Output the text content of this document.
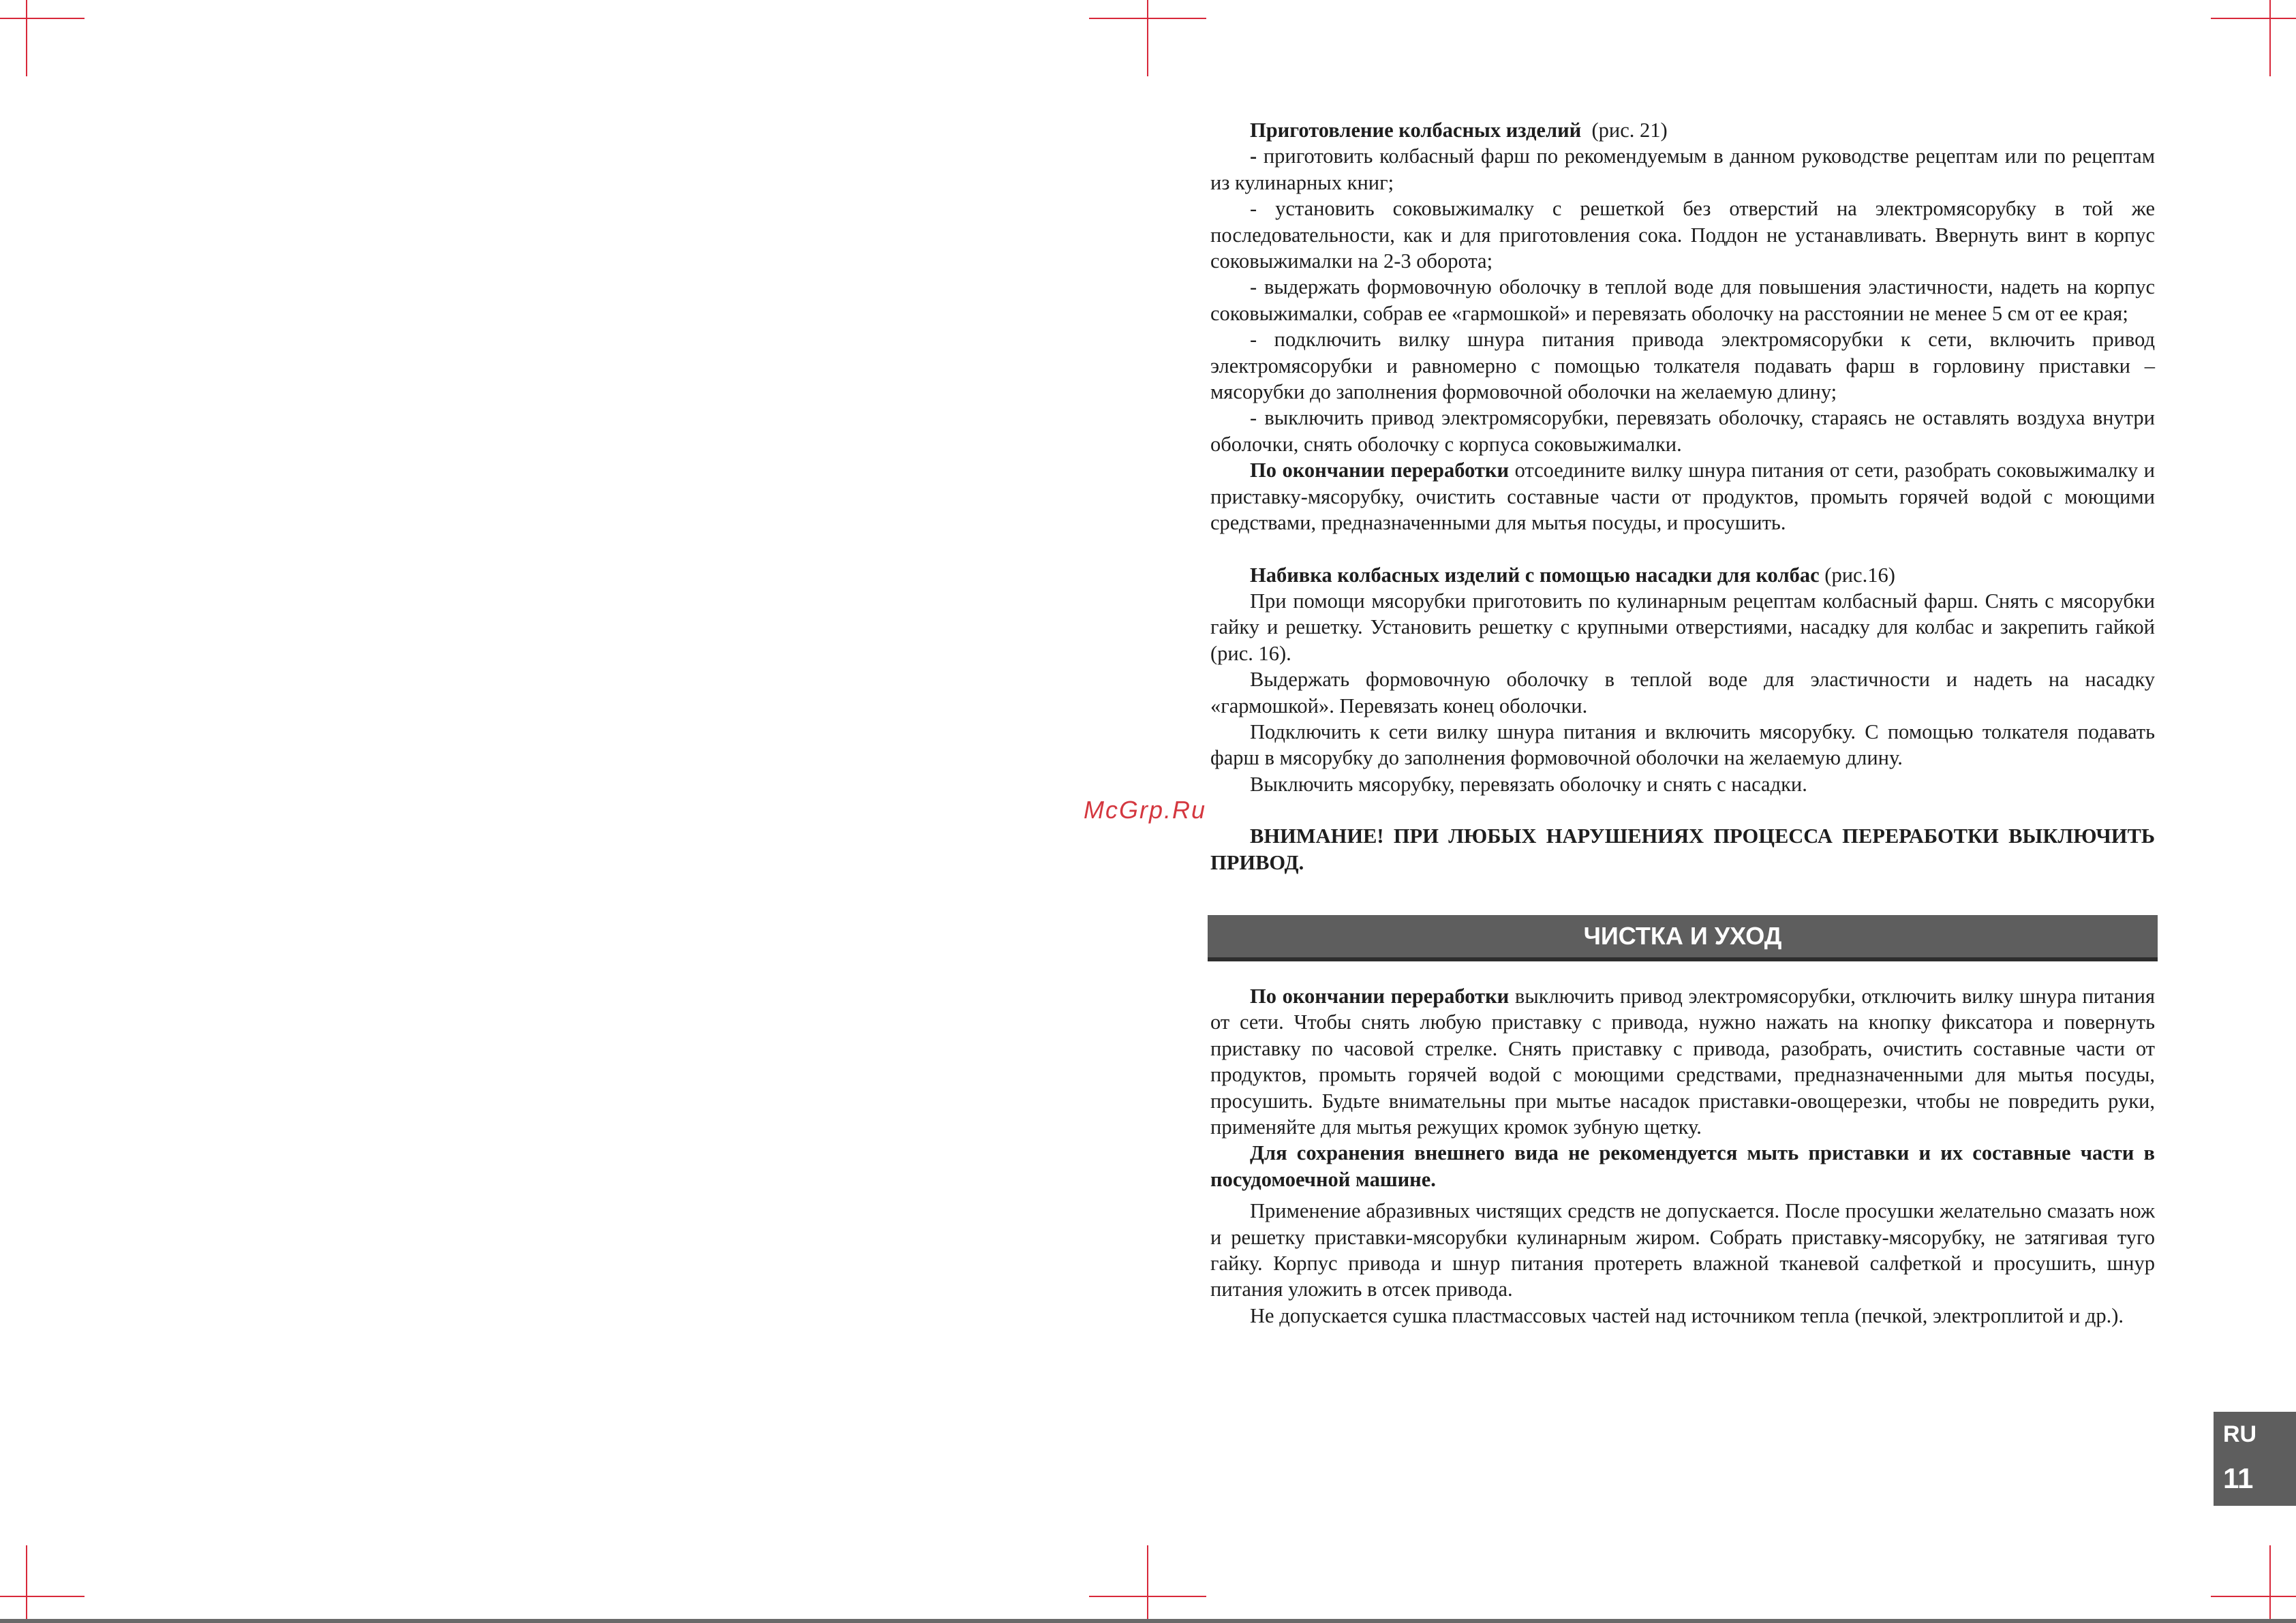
McGrp.Ru

Приготовление колбасных изделий (рис. 21)

- приготовить колбасный фарш по рекомендуемым в данном руководстве рецептам или по рецептам из кулинарных книг;

- установить соковыжималку с решеткой без отверстий на электромясорубку в той же последовательности, как и для приготовления сока. Поддон не устанавливать. Ввернуть винт в корпус соковыжималки на 2-3 оборота;

- выдержать формовочную оболочку в теплой воде для повышения эластичности, надеть на корпус соковыжималки, собрав ее «гармошкой» и перевязать оболочку на расстоянии не менее 5 см от ее края;

- подключить вилку шнура питания привода электромясорубки к сети, включить привод электромясорубки и равномерно с помощью толкателя подавать фарш в горловину приставки – мясорубки до заполнения формовочной оболочки на желаемую длину;

- выключить привод электромясорубки, перевязать оболочку, стараясь не оставлять воздуха внутри оболочки, снять оболочку с корпуса соковыжималки.

По окончании переработки отсоедините вилку шнура питания от сети, разобрать соковыжималку и приставку-мясорубку, очистить составные части от продуктов, промыть горячей водой с моющими средствами, предназначенными для мытья посуды, и просушить.

Набивка колбасных изделий с помощью насадки для колбас (рис.16)

При помощи мясорубки приготовить по кулинарным рецептам колбасный фарш. Снять с мясорубки гайку и решетку. Установить решетку с крупными отверстиями, насадку для колбас и закрепить гайкой (рис. 16).

Выдержать формовочную оболочку в теплой воде для эластичности и надеть на насадку «гармошкой». Перевязать конец оболочки.

Подключить к сети вилку шнура питания и включить мясорубку. С помощью толкателя подавать фарш в мясорубку до заполнения формовочной оболочки на желаемую длину.

Выключить мясорубку, перевязать оболочку и снять с насадки.

ВНИМАНИЕ! ПРИ ЛЮБЫХ НАРУШЕНИЯХ ПРОЦЕССА ПЕРЕРАБОТКИ ВЫКЛЮЧИТЬ ПРИВОД.

ЧИСТКА И УХОД

По окончании переработки выключить привод электромясорубки, отключить вилку шнура питания от сети. Чтобы снять любую приставку с привода, нужно нажать на кнопку фиксатора и повернуть приставку по часовой стрелке. Снять приставку с привода, разобрать, очистить составные части от продуктов, промыть горячей водой с моющими средствами, предназначенными для мытья посуды, просушить. Будьте внимательны при мытье насадок приставки-овощерезки, чтобы не повредить руки, применяйте для мытья режущих кромок зубную щетку.

Для сохранения внешнего вида не рекомендуется мыть приставки и их составные части в посудомоечной машине.

Применение абразивных чистящих средств не допускается. После просушки желательно смазать нож и решетку приставки-мясорубки кулинарным жиром. Собрать приставку-мясорубку, не затягивая туго гайку. Корпус привода и шнур питания протереть влажной тканевой салфеткой и просушить, шнур питания уложить в отсек привода.

Не допускается сушка пластмассовых частей над источником тепла (печкой, электроплитой и др.).

RU
11
